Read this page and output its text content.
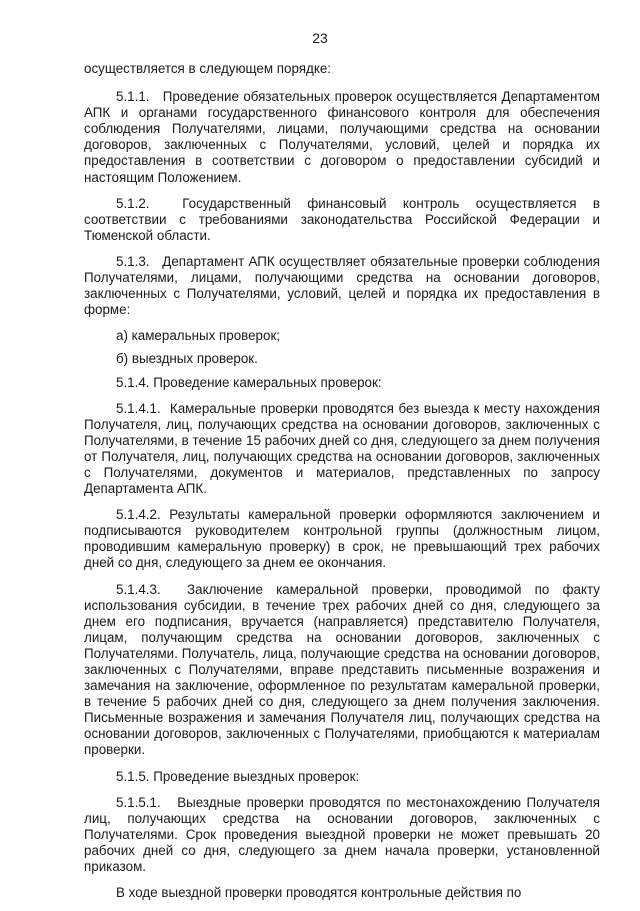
23

осуществляется в следующем порядке:

5.1.1.   Проведение обязательных проверок осуществляется Департаментом АПК и органами государственного финансового контроля для обеспечения соблюдения Получателями, лицами, получающими средства на основании договоров, заключенных с Получателями, условий, целей и порядка их предоставления в соответствии с договором о предоставлении субсидий и настоящим Положением.

5.1.2.  Государственный финансовый контроль осуществляется в соответствии с требованиями законодательства Российской Федерации и Тюменской области.

5.1.3.   Департамент АПК осуществляет обязательные проверки соблюдения Получателями, лицами, получающими средства на основании договоров, заключенных с Получателями, условий, целей и порядка их предоставления в форме:

а) камеральных проверок;

б) выездных проверок.

5.1.4. Проведение камеральных проверок:

5.1.4.1.  Камеральные проверки проводятся без выезда к месту нахождения Получателя, лиц, получающих средства на основании договоров, заключенных с Получателями, в течение 15 рабочих дней со дня, следующего за днем получения от Получателя, лиц, получающих средства на основании договоров, заключенных с Получателями, документов и материалов, представленных по запросу Департамента АПК.

5.1.4.2. Результаты камеральной проверки оформляются заключением и подписываются руководителем контрольной группы (должностным лицом, проводившим камеральную проверку) в срок, не превышающий трех рабочих дней со дня, следующего за днем ее окончания.

5.1.4.3.  Заключение камеральной проверки, проводимой по факту использования субсидии, в течение трех рабочих дней со дня, следующего за днем его подписания, вручается (направляется) представителю Получателя, лицам, получающим средства на основании договоров, заключенных с Получателями. Получатель, лица, получающие средства на основании договоров, заключенных с Получателями, вправе представить письменные возражения и замечания на заключение, оформленное по результатам камеральной проверки, в течение 5 рабочих дней со дня, следующего за днем получения заключения. Письменные возражения и замечания Получателя лиц, получающих средства на основании договоров, заключенных с Получателями, приобщаются к материалам проверки.

5.1.5. Проведение выездных проверок:

5.1.5.1.   Выездные проверки проводятся по местонахождению Получателя лиц, получающих средства на основании договоров, заключенных с Получателями. Срок проведения выездной проверки не может превышать 20 рабочих дней со дня, следующего за днем начала проверки, установленной приказом.

В ходе выездной проверки проводятся контрольные действия по
